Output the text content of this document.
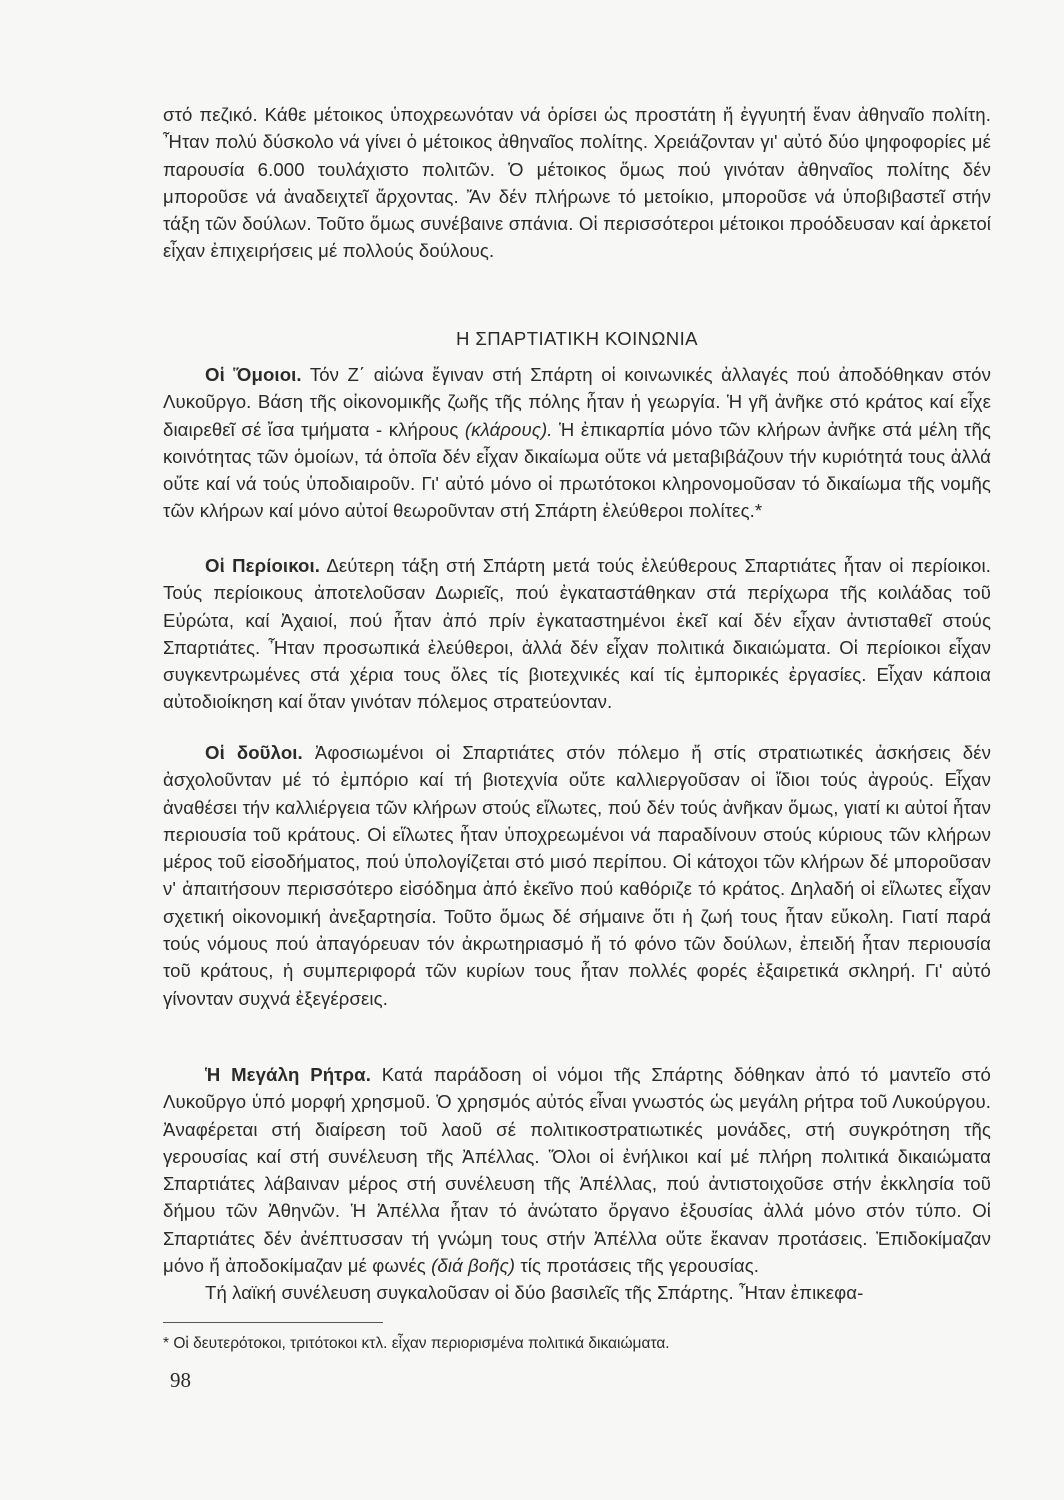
στό πεζικό. Κάθε μέτοικος ὑποχρεωνόταν νά ὁρίσει ὡς προστάτη ἤ ἐγγυητή ἕναν ἀθηναῖο πολίτη. Ἦταν πολύ δύσκολο νά γίνει ὁ μέτοικος ἀθηναῖος πολίτης. Χρειάζονταν γι' αὐτό δύο ψηφοφορίες μέ παρουσία 6.000 τουλάχιστο πολιτῶν. Ὁ μέτοικος ὅμως πού γινόταν ἀθηναῖος πολίτης δέν μποροῦσε νά ἀναδειχτεῖ ἄρχοντας. Ἄν δέν πλήρωνε τό μετοίκιο, μποροῦσε νά ὑποβιβαστεῖ στήν τάξη τῶν δούλων. Τοῦτο ὅμως συνέβαινε σπάνια. Οἱ περισσότεροι μέτοικοι προόδευσαν καί ἀρκετοί εἶχαν ἐπιχειρήσεις μέ πολλούς δούλους.

Η ΣΠΑΡΤΙΑΤΙΚΗ ΚΟΙΝΩΝΙΑ

Οἱ Ὅμοιοι. Τόν Ζ΄ αἰώνα ἔγιναν στή Σπάρτη οἱ κοινωνικές ἀλλαγές πού ἀποδόθηκαν στόν Λυκοῦργο. Βάση τῆς οἰκονομικῆς ζωῆς τῆς πόλης ἦταν ἡ γεωργία. Ἡ γῆ ἀνῆκε στό κράτος καί εἶχε διαιρεθεῖ σέ ἴσα τμήματα - κλήρους (κλάρους). Ἡ ἐπικαρπία μόνο τῶν κλήρων ἀνῆκε στά μέλη τῆς κοινότητας τῶν ὁμοίων, τά ὁποῖα δέν εἶχαν δικαίωμα οὔτε νά μεταβιβάζουν τήν κυριότητά τους ἀλλά οὔτε καί νά τούς ὑποδιαιροῦν. Γι' αὐτό μόνο οἱ πρωτότοκοι κληρονομοῦσαν τό δικαίωμα τῆς νομῆς τῶν κλήρων καί μόνο αὐτοί θεωροῦνταν στή Σπάρτη ἐλεύθεροι πολίτες.*

Οἱ Περίοικοι. Δεύτερη τάξη στή Σπάρτη μετά τούς ἐλεύθερους Σπαρτιάτες ἦταν οἱ περίοικοι. Τούς περίοικους ἀποτελοῦσαν Δωριεῖς, πού ἐγκαταστάθηκαν στά περίχωρα τῆς κοιλάδας τοῦ Εὐρώτα, καί Ἀχαιοί, πού ἦταν ἀπό πρίν ἐγκαταστημένοι ἐκεῖ καί δέν εἶχαν ἀντισταθεῖ στούς Σπαρτιάτες. Ἦταν προσωπικά ἐλεύθεροι, ἀλλά δέν εἶχαν πολιτικά δικαιώματα. Οἱ περίοικοι εἶχαν συγκεντρωμένες στά χέρια τους ὅλες τίς βιοτεχνικές καί τίς ἐμπορικές ἐργασίες. Εἶχαν κάποια αὐτοδιοίκηση καί ὅταν γινόταν πόλεμος στρατεύονταν.

Οἱ δοῦλοι. Ἀφοσιωμένοι οἱ Σπαρτιάτες στόν πόλεμο ἤ στίς στρατιωτικές ἀσκήσεις δέν ἀσχολοῦνταν μέ τό ἐμπόριο καί τή βιοτεχνία οὔτε καλλιεργοῦσαν οἱ ἴδιοι τούς ἀγρούς. Εἶχαν ἀναθέσει τήν καλλιέργεια τῶν κλήρων στούς εἵλωτες, πού δέν τούς ἀνῆκαν ὅμως, γιατί κι αὐτοί ἦταν περιουσία τοῦ κράτους. Οἱ εἵλωτες ἦταν ὑποχρεωμένοι νά παραδίνουν στούς κύριους τῶν κλήρων μέρος τοῦ εἰσοδήματος, πού ὑπολογίζεται στό μισό περίπου. Οἱ κάτοχοι τῶν κλήρων δέ μποροῦσαν ν' ἀπαιτήσουν περισσότερο εἰσόδημα ἀπό ἐκεῖνο πού καθόριζε τό κράτος. Δηλαδή οἱ εἵλωτες εἶχαν σχετική οἰκονομική ἀνεξαρτησία. Τοῦτο ὅμως δέ σήμαινε ὅτι ἡ ζωή τους ἦταν εὔκολη. Γιατί παρά τούς νόμους πού ἀπαγόρευαν τόν ἀκρωτηριασμό ἤ τό φόνο τῶν δούλων, ἐπειδή ἦταν περιουσία τοῦ κράτους, ἡ συμπεριφορά τῶν κυρίων τους ἦταν πολλές φορές ἐξαιρετικά σκληρή. Γι' αὐτό γίνονταν συχνά ἐξεγέρσεις.

Ἡ Μεγάλη Ρήτρα. Κατά παράδοση οἱ νόμοι τῆς Σπάρτης δόθηκαν ἀπό τό μαντεῖο στό Λυκοῦργο ὑπό μορφή χρησμοῦ. Ὁ χρησμός αὐτός εἶναι γνωστός ὡς μεγάλη ρήτρα τοῦ Λυκούργου. Ἀναφέρεται στή διαίρεση τοῦ λαοῦ σέ πολιτικοστρατιωτικές μονάδες, στή συγκρότηση τῆς γερουσίας καί στή συνέλευση τῆς Ἀπέλλας. Ὅλοι οἱ ἐνήλικοι καί μέ πλήρη πολιτικά δικαιώματα Σπαρτιάτες λάβαιναν μέρος στή συνέλευση τῆς Ἀπέλλας, πού ἀντιστοιχοῦσε στήν ἐκκλησία τοῦ δήμου τῶν Ἀθηνῶν. Ἡ Ἀπέλλα ἦταν τό ἀνώτατο ὄργανο ἐξουσίας ἀλλά μόνο στόν τύπο. Οἱ Σπαρτιάτες δέν ἀνέπτυσσαν τή γνώμη τους στήν Ἀπέλλα οὔτε ἔκαναν προτάσεις. Ἐπιδοκίμαζαν μόνο ἤ ἀποδοκίμαζαν μέ φωνές (διά βοῆς) τίς προτάσεις τῆς γερουσίας.

Τή λαϊκή συνέλευση συγκαλοῦσαν οἱ δύο βασιλεῖς τῆς Σπάρτης. Ἦταν ἐπικεφα-

* Οἱ δευτερότοκοι, τριτότοκοι κτλ. εἶχαν περιορισμένα πολιτικά δικαιώματα.
98
